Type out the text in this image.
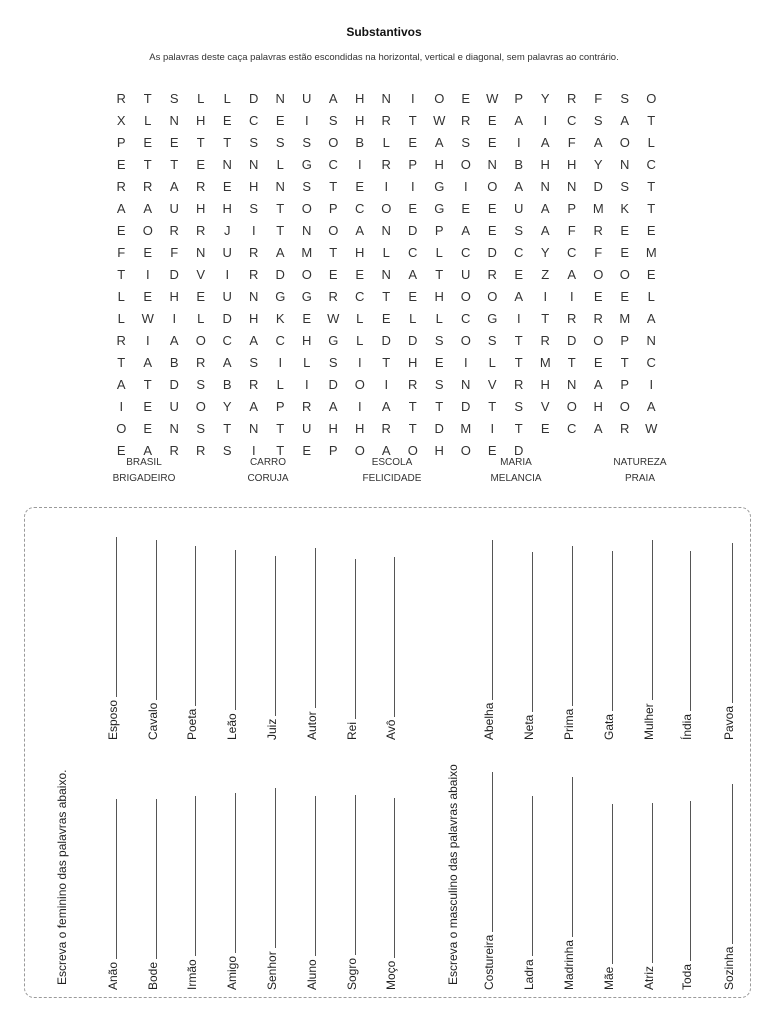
Substantivos
As palavras deste caça palavras estão escondidas na horizontal, vertical e diagonal, sem palavras ao contrário.
R	T	S	L	L	D	N	U	A	H	N	I	O	E	W	P	Y	R	F	S	O
X	L	N	H	E	C	E	I	S	H	R	T	W	R	E	A	I	C	S	A	T
P	E	E	T	T	S	S	S	O	B	L	E	A	S	E	I	A	F	A	O	L
E	T	T	E	N	N	L	G	C	I	R	P	H	O	N	B	H	H	Y	N	C
R	R	A	R	E	H	N	S	T	E	I	I	G	I	O	A	N	N	D	S	T
A	A	U	H	H	S	T	O	P	C	O	E	G	E	E	U	A	P	M	K	T
E	O	R	R	J	I	T	N	O	A	N	D	P	A	E	S	A	F	R	E	E
F	E	F	N	U	R	A	M	T	H	L	C	L	C	D	C	Y	C	F	E	M
T	I	D	V	I	R	D	O	E	E	N	A	T	U	R	E	Z	A	O	O	E
L	E	H	E	U	N	G	G	R	C	T	E	H	O	O	A	I	I	E	E	L
L	W	I	L	D	H	K	E	W	L	E	L	L	C	G	I	T	R	R	M	A
R	I	A	O	C	A	C	H	G	L	D	D	S	O	S	T	R	D	O	P	N
T	A	B	R	A	S	I	L	S	I	T	H	E	I	L	T	M	T	E	T	C
A	T	D	S	B	R	L	I	D	O	I	R	S	N	V	R	H	N	A	P	I
I	E	U	O	Y	A	P	R	A	I	A	T	T	D	T	S	V	O	H	O	A
O	E	N	S	T	N	T	U	H	H	R	T	D	M	I	T	E	C	A	R	W
E	A	R	R	S	I	T	E	P	O	A	O	H	O	E	D
BRASIL	CARRO	ESCOLA	MARIA	NATUREZA
BRIGADEIRO	CORUJA	FELICIDADE	MELANCIA	PRAIA
Escreva o feminino das palavras abaixo.	Escreva o masculino das palavras abaixo
Esposo Cavalo Poeta Leão Juiz Autor Rei Avô
Anão Bode Irmão Amigo Senhor Aluno Sogro Moço
Abelha Neta Prima Gata Mulher Índia Pavoa
Costureira Ladra Madrinha Mãe Atriz Toda Sozinha
